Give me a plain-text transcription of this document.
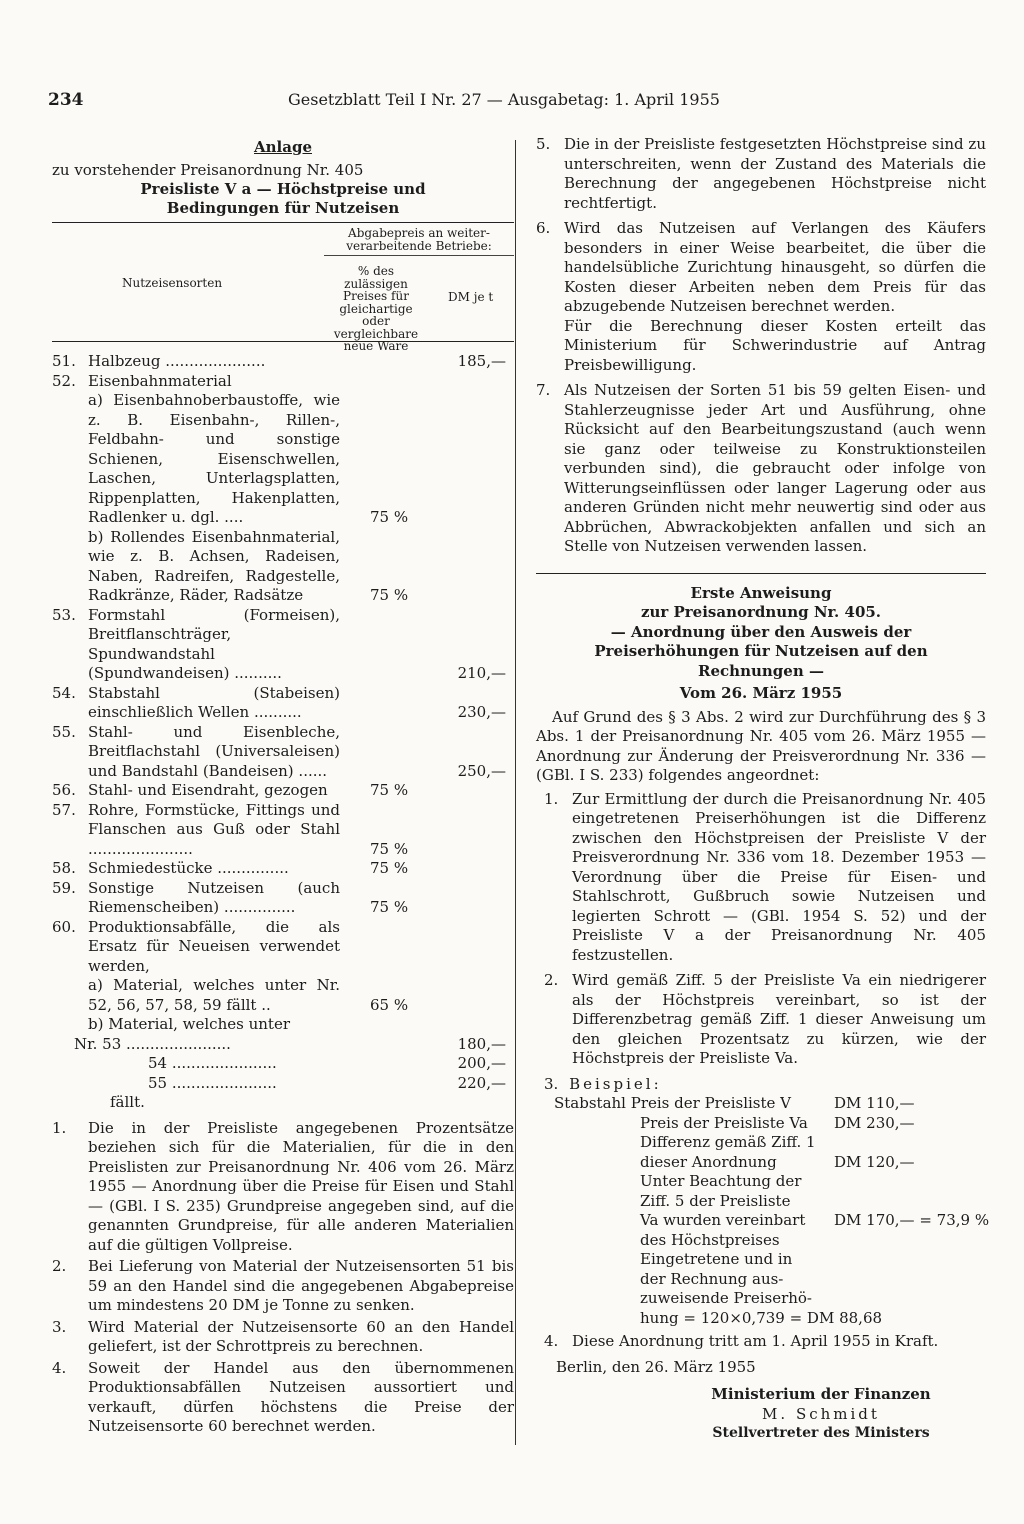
234	Gesetzblatt Teil I Nr. 27 — Ausgabetag: 1. April 1955
Anlage
zu vorstehender Preisanordnung Nr. 405
Preisliste V a — Höchstpreise und Bedingungen für Nutzeisen
Abgabepreis an weiter-verarbeitende Betriebe:
Nutzeisensorten
% des zulässigen Preises für gleichartige oder vergleichbare neue Ware
DM je t
51. Halbzeug .....................	185,—
52. Eisenbahnmaterial
a) Eisenbahnoberbaustoffe, wie z. B. Eisenbahn-, Rillen-, Feldbahn- und sonstige Schienen, Eisenschwellen, Laschen, Unterlagsplatten, Rippenplatten, Hakenplatten, Radlenker u. dgl. ....	75 %
b) Rollendes Eisenbahnmaterial, wie z. B. Achsen, Radeisen, Naben, Radreifen, Radgestelle, Radkränze, Räder, Radsätze	75 %
53. Formstahl (Formeisen), Breitflanschträger, Spundwandstahl (Spundwandeisen) ..........	210,—
54. Stabstahl (Stabeisen) einschließlich Wellen ..........	230,—
55. Stahl- und Eisenbleche, Breitflachstahl (Universaleisen) und Bandstahl (Bandeisen) ......	250,—
56. Stahl- und Eisendraht, gezogen	75 %
57. Rohre, Formstücke, Fittings und Flanschen aus Guß oder Stahl ......................	75 %
58. Schmiedestücke ...............	75 %
59. Sonstige Nutzeisen (auch Riemenscheiben) ...............	75 %
60. Produktionsabfälle, die als Ersatz für Neueisen verwendet werden,
a) Material, welches unter Nr. 52, 56, 57, 58, 59 fällt ..	65 %
b) Material, welches unter
Nr. 53 ......................	180,—
54 ......................	200,—
55 ......................	220,—
fällt.
1.	Die in der Preisliste angegebenen Prozentsätze beziehen sich für die Materialien, für die in den Preislisten zur Preisanordnung Nr. 406 vom 26. März 1955 — Anordnung über die Preise für Eisen und Stahl — (GBl. I S. 235) Grundpreise angegeben sind, auf die genannten Grundpreise, für alle anderen Materialien auf die gültigen Vollpreise.
2.	Bei Lieferung von Material der Nutzeisensorten 51 bis 59 an den Handel sind die angegebenen Abgabepreise um mindestens 20 DM je Tonne zu senken.
3.	Wird Material der Nutzeisensorte 60 an den Handel geliefert, ist der Schrottpreis zu berechnen.
4.	Soweit der Handel aus den übernommenen Produktionsabfällen Nutzeisen aussortiert und verkauft, dürfen höchstens die Preise der Nutzeisensorte 60 berechnet werden.
5. Die in der Preisliste festgesetzten Höchstpreise sind zu unterschreiten, wenn der Zustand des Materials die Berechnung der angegebenen Höchstpreise nicht rechtfertigt.
6. Wird das Nutzeisen auf Verlangen des Käufers besonders in einer Weise bearbeitet, die über die handelsübliche Zurichtung hinausgeht, so dürfen die Kosten dieser Arbeiten neben dem Preis für das abzugebende Nutzeisen berechnet werden.
Für die Berechnung dieser Kosten erteilt das Ministerium für Schwerindustrie auf Antrag Preisbewilligung.
7. Als Nutzeisen der Sorten 51 bis 59 gelten Eisen- und Stahlerzeugnisse jeder Art und Ausführung, ohne Rücksicht auf den Bearbeitungszustand (auch wenn sie ganz oder teilweise zu Konstruktionsteilen verbunden sind), die gebraucht oder infolge von Witterungseinflüssen oder langer Lagerung oder aus anderen Gründen nicht mehr neuwertig sind oder aus Abbrüchen, Abwrackobjekten anfallen und sich an Stelle von Nutzeisen verwenden lassen.
Erste Anweisung
zur Preisanordnung Nr. 405.
— Anordnung über den Ausweis der Preiserhöhungen für Nutzeisen auf den Rechnungen —
Vom 26. März 1955
Auf Grund des § 3 Abs. 2 wird zur Durchführung des § 3 Abs. 1 der Preisanordnung Nr. 405 vom 26. März 1955 — Anordnung zur Änderung der Preisverordnung Nr. 336 — (GBl. I S. 233) folgendes angeordnet:
1. Zur Ermittlung der durch die Preisanordnung Nr. 405 eingetretenen Preiserhöhungen ist die Differenz zwischen den Höchstpreisen der Preisliste V der Preisverordnung Nr. 336 vom 18. Dezember 1953 — Verordnung über die Preise für Eisen- und Stahlschrott, Gußbruch sowie Nutzeisen und legierten Schrott — (GBl. 1954 S. 52) und der Preisliste V a der Preisanordnung Nr. 405 festzustellen.
2. Wird gemäß Ziff. 5 der Preisliste Va ein niedrigerer als der Höchstpreis vereinbart, so ist der Differenzbetrag gemäß Ziff. 1 dieser Anweisung um den gleichen Prozentsatz zu kürzen, wie der Höchstpreis der Preisliste Va.
3. Beispiel:
Stabstahl Preis der Preisliste V	DM 110,—
Preis der Preisliste Va DM 230,—
Differenz gemäß Ziff. 1
dieser Anordnung	DM 120,—
Unter Beachtung der
Ziff. 5 der Preisliste
Va wurden vereinbart DM 170,— = 73,9 %
des Höchstpreises
Eingetretene und in
der Rechnung aus-
zuweisende Preiserhö-
hung = 120×0,739 = DM 88,68
4. Diese Anordnung tritt am 1. April 1955 in Kraft.
Berlin, den 26. März 1955
Ministerium der Finanzen
M. Schmidt
Stellvertreter des Ministers
